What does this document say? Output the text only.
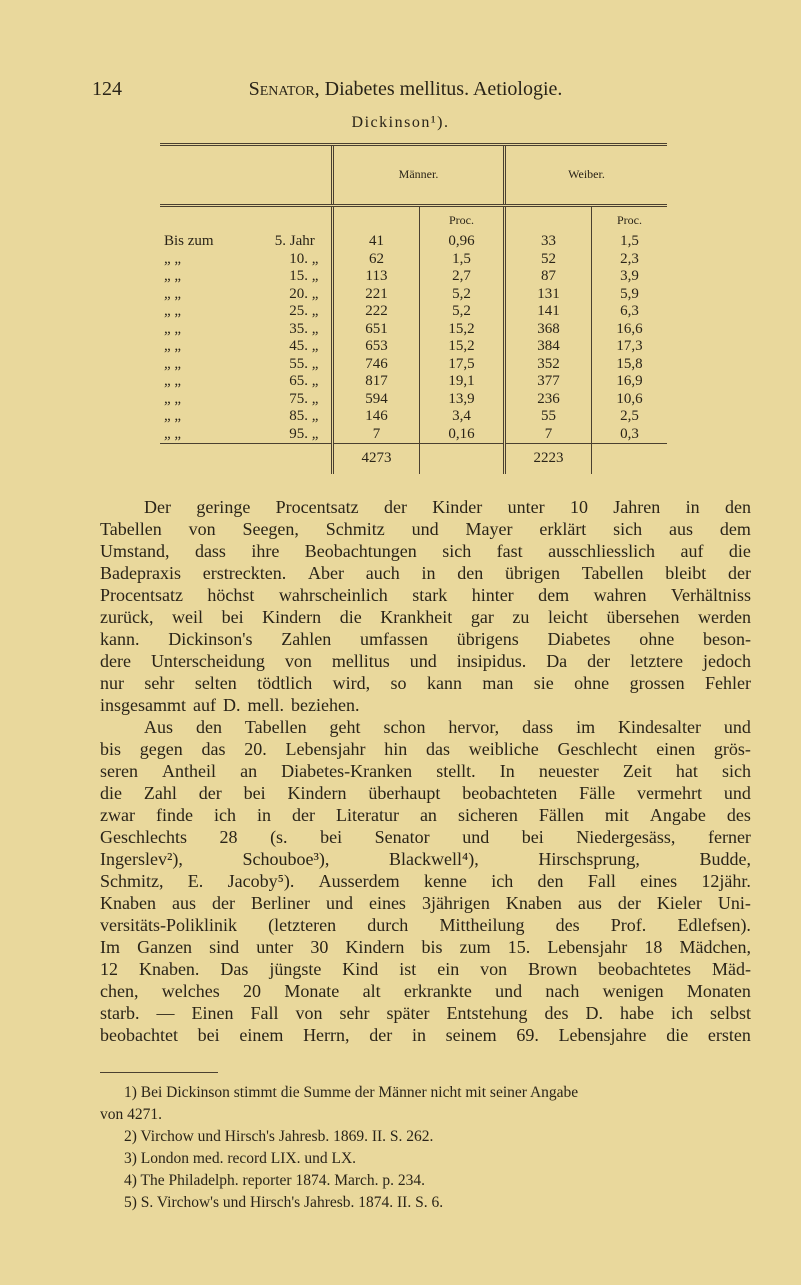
124	Senator, Diabetes mellitus. Aetiologie.
Dickinson¹).
	Männer.		Weiber.	
		Proc.		Proc.
Bis zum 5. Jahr	41	0,96	33	1,5
„ „ 10. „	62	1,5	52	2,3
„ „ 15. „	113	2,7	87	3,9
„ „ 20. „	221	5,2	131	5,9
„ „ 25. „	222	5,2	141	6,3
„ „ 35. „	651	15,2	368	16,6
„ „ 45. „	653	15,2	384	17,3
„ „ 55. „	746	17,5	352	15,8
„ „ 65. „	817	19,1	377	16,9
„ „ 75. „	594	13,9	236	10,6
„ „ 85. „	146	3,4	55	2,5
„ „ 95. „	7	0,16	7	0,3
	4273		2223	
Der geringe Procentsatz der Kinder unter 10 Jahren in den
Tabellen von Seegen, Schmitz und Mayer erklärt sich aus dem
Umstand, dass ihre Beobachtungen sich fast ausschliesslich auf die
Badepraxis erstreckten. Aber auch in den übrigen Tabellen bleibt der
Procentsatz höchst wahrscheinlich stark hinter dem wahren Verhältniss
zurück, weil bei Kindern die Krankheit gar zu leicht übersehen werden
kann. Dickinson's Zahlen umfassen übrigens Diabetes ohne beson-
dere Unterscheidung von mellitus und insipidus. Da der letztere jedoch
nur sehr selten tödtlich wird, so kann man sie ohne grossen Fehler
insgesammt auf D. mell. beziehen.
Aus den Tabellen geht schon hervor, dass im Kindesalter und
bis gegen das 20. Lebensjahr hin das weibliche Geschlecht einen grös-
seren Antheil an Diabetes-Kranken stellt. In neuester Zeit hat sich
die Zahl der bei Kindern überhaupt beobachteten Fälle vermehrt und
zwar finde ich in der Literatur an sicheren Fällen mit Angabe des
Geschlechts 28 (s. bei Senator und bei Niedergesäss, ferner
Ingerslev²),	Schouboe³),	Blackwell⁴),	Hirschsprung,	Budde,
Schmitz, E. Jacoby⁵). Ausserdem kenne ich den Fall eines 12jähr.
Knaben aus der Berliner und eines 3jährigen Knaben aus der Kieler Uni-
versitäts-Poliklinik (letzteren durch Mittheilung des Prof. Edlefsen).
Im Ganzen sind unter 30 Kindern bis zum 15. Lebensjahr 18 Mädchen,
12 Knaben. Das jüngste Kind ist ein von Brown beobachtetes Mäd-
chen, welches 20 Monate alt erkrankte und nach wenigen Monaten
starb. — Einen Fall von sehr später Entstehung des D. habe ich selbst
beobachtet bei einem Herrn, der in seinem 69. Lebensjahre die ersten
1) Bei Dickinson stimmt die Summe der Männer nicht mit seiner Angabe
von 4271.
2) Virchow und Hirsch's Jahresb. 1869. II. S. 262.
3) London med. record LIX. und LX.
4) The Philadelph. reporter 1874. March. p. 234.
5) S. Virchow's und Hirsch's Jahresb. 1874. II. S. 6.
